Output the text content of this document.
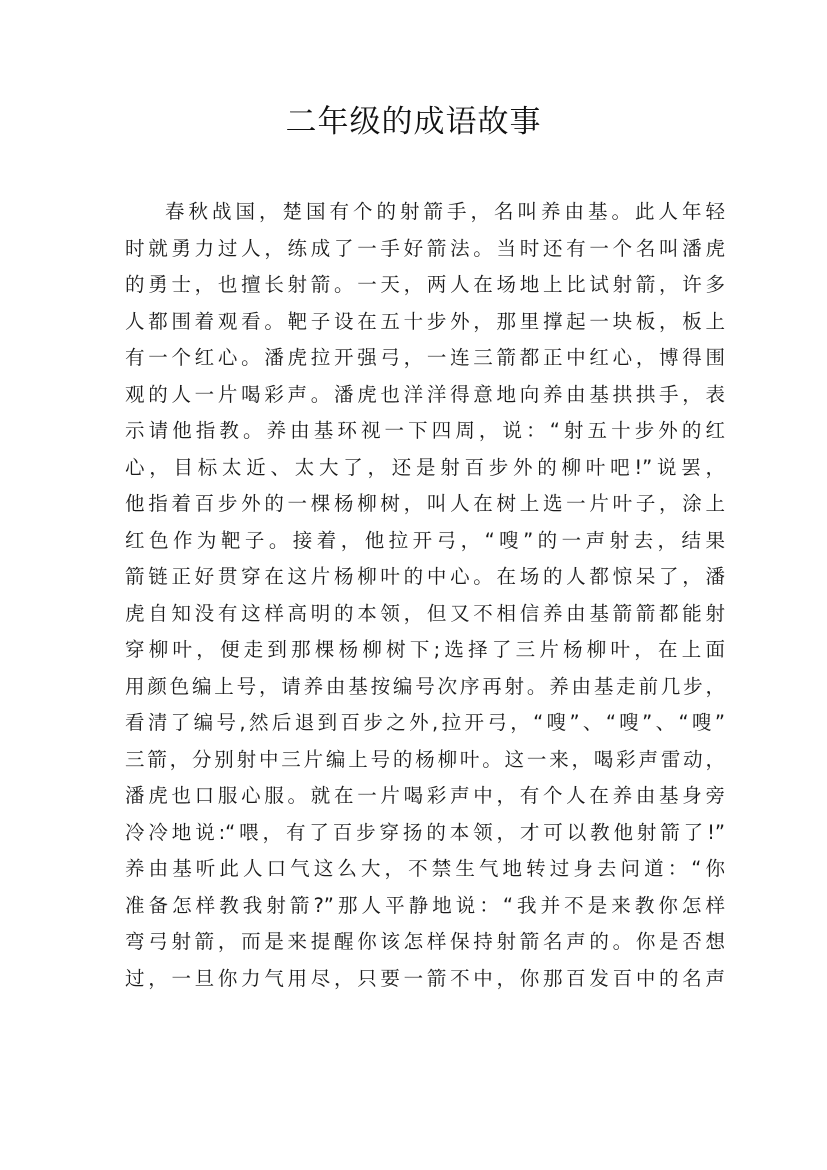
二年级的成语故事
春秋战国，楚国有个的射箭手，名叫养由基。此人年轻
时就勇力过人，练成了一手好箭法。当时还有一个名叫潘虎
的勇士，也擅长射箭。一天，两人在场地上比试射箭，许多
人都围着观看。靶子设在五十步外，那里撑起一块板，板上
有一个红心。潘虎拉开强弓，一连三箭都正中红心，博得围
观的人一片喝彩声。潘虎也洋洋得意地向养由基拱拱手，表
示请他指教。养由基环视一下四周，说：“射五十步外的红
心，目标太近、太大了，还是射百步外的柳叶吧!”说罢，
他指着百步外的一棵杨柳树，叫人在树上选一片叶子，涂上
红色作为靶子。接着，他拉开弓，“嗖”的一声射去，结果
箭链正好贯穿在这片杨柳叶的中心。在场的人都惊呆了，潘
虎自知没有这样高明的本领，但又不相信养由基箭箭都能射
穿柳叶，便走到那棵杨柳树下;选择了三片杨柳叶，在上面
用颜色编上号，请养由基按编号次序再射。养由基走前几步，
看清了编号,然后退到百步之外,拉开弓，“嗖”、“嗖”、“嗖”
三箭，分别射中三片编上号的杨柳叶。这一来，喝彩声雷动，
潘虎也口服心服。就在一片喝彩声中，有个人在养由基身旁
冷冷地说:“喂，有了百步穿扬的本领，才可以教他射箭了!”
养由基听此人口气这么大，不禁生气地转过身去问道：“你
准备怎样教我射箭?”那人平静地说：“我并不是来教你怎样
弯弓射箭，而是来提醒你该怎样保持射箭名声的。你是否想
过，一旦你力气用尽，只要一箭不中，你那百发百中的名声
